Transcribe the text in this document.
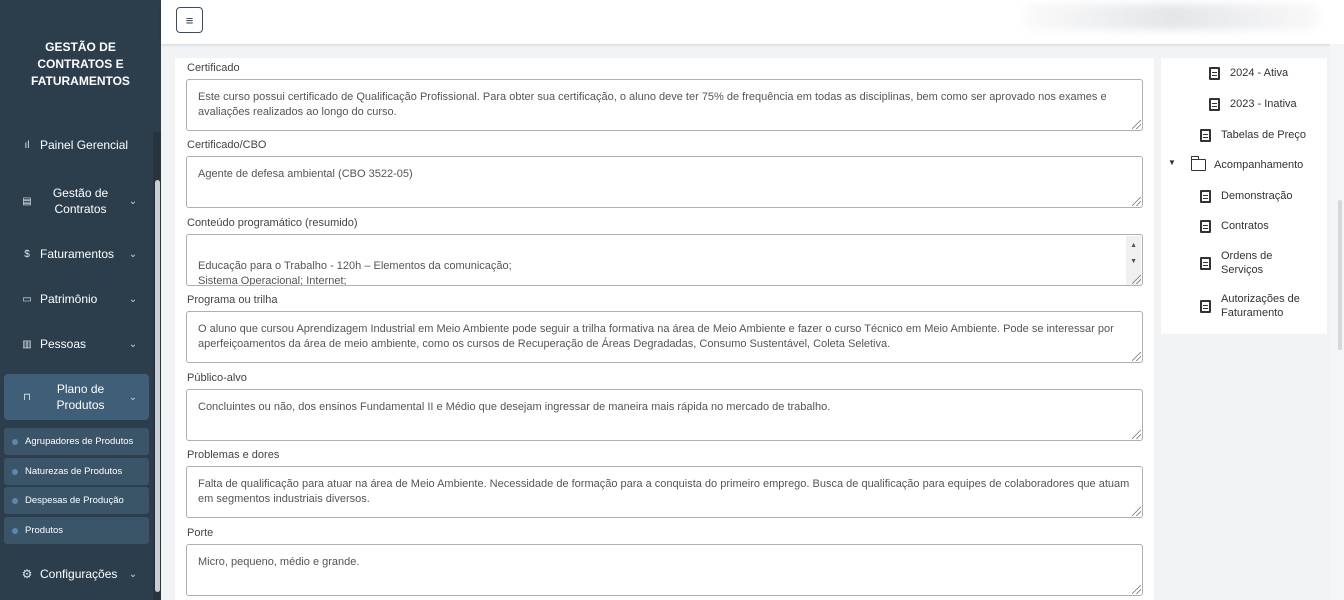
GESTÃO DE CONTRATOS E FATURAMENTOS
ıl Painel Gerencial
▤
Gestão de Contratos
⌄
$ Faturamentos	⌄
▭ Patrimônio	⌄
▥ Pessoas	⌄
⊓
Plano de Produtos
⌄
Agrupadores de Produtos
Naturezas de Produtos
Despesas de Produção
Produtos
⚙ Configurações	⌄
≡
Certificado
Este curso possui certificado de Qualificação Profissional. Para obter sua certificação, o aluno deve ter 75% de frequência em todas as disciplinas, bem como ser aprovado nos exames e avaliações realizados ao longo do curso.
Certificado/CBO
Agente de defesa ambiental (CBO 3522-05)
Conteúdo programático (resumido)

Educação para o Trabalho - 120h – Elementos da comunicação;
Sistema Operacional; Internet;

▲

▼

Programa ou trilha
O aluno que cursou Aprendizagem Industrial em Meio Ambiente pode seguir a trilha formativa na área de Meio Ambiente e fazer o curso Técnico em Meio Ambiente. Pode se interessar por aperfeiçoamentos da área de meio ambiente, como os cursos de Recuperação de Áreas Degradadas, Consumo Sustentável, Coleta Seletiva.
Público-alvo
Concluintes ou não, dos ensinos Fundamental II e Médio que desejam ingressar de maneira mais rápida no mercado de trabalho.
Problemas e dores
Falta de qualificação para atuar na área de Meio Ambiente. Necessidade de formação para a conquista do primeiro emprego. Busca de qualificação para equipes de colaboradores que atuam em segmentos industriais diversos.
Porte
Micro, pequeno, médio e grande.
2024 - Ativa
2023 - Inativa
Tabelas de Preço
▼	Acompanhamento
Demonstração
Contratos
Ordens de Serviços
Autorizações de Faturamento
